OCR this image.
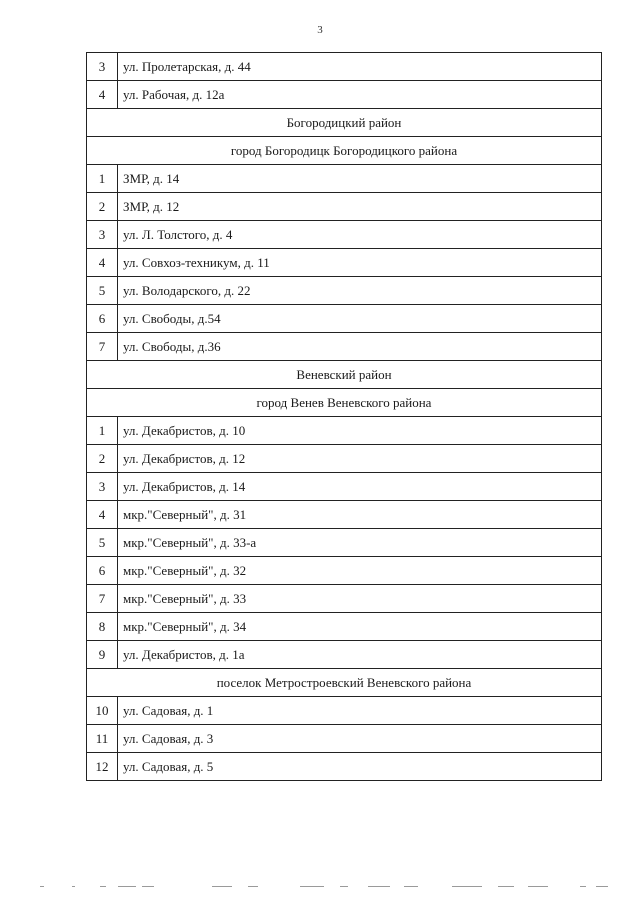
3
3	ул. Пролетарская, д. 44
4	ул. Рабочая, д. 12а
Богородицкий район	
город Богородицк Богородицкого района	
1	ЗМР, д. 14
2	ЗМР, д. 12
3	ул. Л. Толстого, д. 4
4	ул. Совхоз-техникум, д. 11
5	ул. Володарского, д. 22
6	ул. Свободы, д.54
7	ул. Свободы, д.36
Веневский район	
город Венев Веневского района	
1	ул. Декабристов, д. 10
2	ул. Декабристов, д. 12
3	ул. Декабристов, д. 14
4	мкр."Северный", д. 31
5	мкр."Северный", д. 33-а
6	мкр."Северный", д. 32
7	мкр."Северный", д. 33
8	мкр."Северный", д. 34
9	ул. Декабристов, д. 1а
поселок Метростроевский Веневского района	
10	ул. Садовая, д. 1
11	ул. Садовая, д. 3
12	ул. Садовая, д. 5
